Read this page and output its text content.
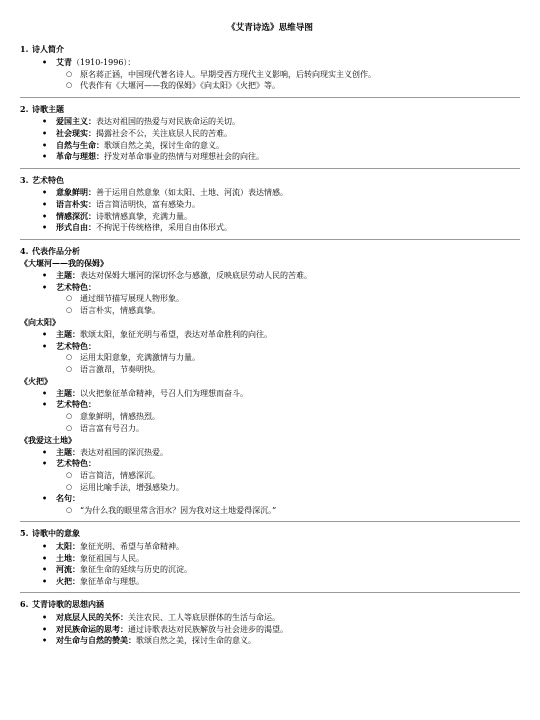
《艾青诗选》思维导图
1. 诗人简介
• 艾青（1910-1996）：
○ 原名蒋正涵，中国现代著名诗人。早期受西方现代主义影响，后转向现实主义创作。
○ 代表作有《大堰河——我的保姆》《向太阳》《火把》等。
2. 诗歌主题
• 爱国主义：表达对祖国的热爱与对民族命运的关切。
• 社会现实：揭露社会不公，关注底层人民的苦难。
• 自然与生命：歌颂自然之美，探讨生命的意义。
• 革命与理想：抒发对革命事业的热情与对理想社会的向往。
3. 艺术特色
• 意象鲜明：善于运用自然意象（如太阳、土地、河流）表达情感。
• 语言朴实：语言简洁明快，富有感染力。
• 情感深沉：诗歌情感真挚，充满力量。
• 形式自由：不拘泥于传统格律，采用自由体形式。
4. 代表作品分析
《大堰河——我的保姆》
• 主题：表达对保姆大堰河的深切怀念与感激，反映底层劳动人民的苦难。
• 艺术特色：
○ 通过细节描写展现人物形象。
○ 语言朴实，情感真挚。
《向太阳》
• 主题：歌颂太阳，象征光明与希望，表达对革命胜利的向往。
• 艺术特色：
○ 运用太阳意象，充满激情与力量。
○ 语言激昂，节奏明快。
《火把》
• 主题：以火把象征革命精神，号召人们为理想而奋斗。
• 艺术特色：
○ 意象鲜明，情感热烈。
○ 语言富有号召力。
《我爱这土地》
• 主题：表达对祖国的深沉热爱。
• 艺术特色：
○ 语言简洁，情感深沉。
○ 运用比喻手法，增强感染力。
• 名句：
○ “为什么我的眼里常含泪水？因为我对这土地爱得深沉。”
5. 诗歌中的意象
• 太阳：象征光明、希望与革命精神。
• 土地：象征祖国与人民。
• 河流：象征生命的延续与历史的沉淀。
• 火把：象征革命与理想。
6. 艾青诗歌的思想内涵
• 对底层人民的关怀：关注农民、工人等底层群体的生活与命运。
• 对民族命运的思考：通过诗歌表达对民族解放与社会进步的渴望。
• 对生命与自然的赞美：歌颂自然之美，探讨生命的意义。
